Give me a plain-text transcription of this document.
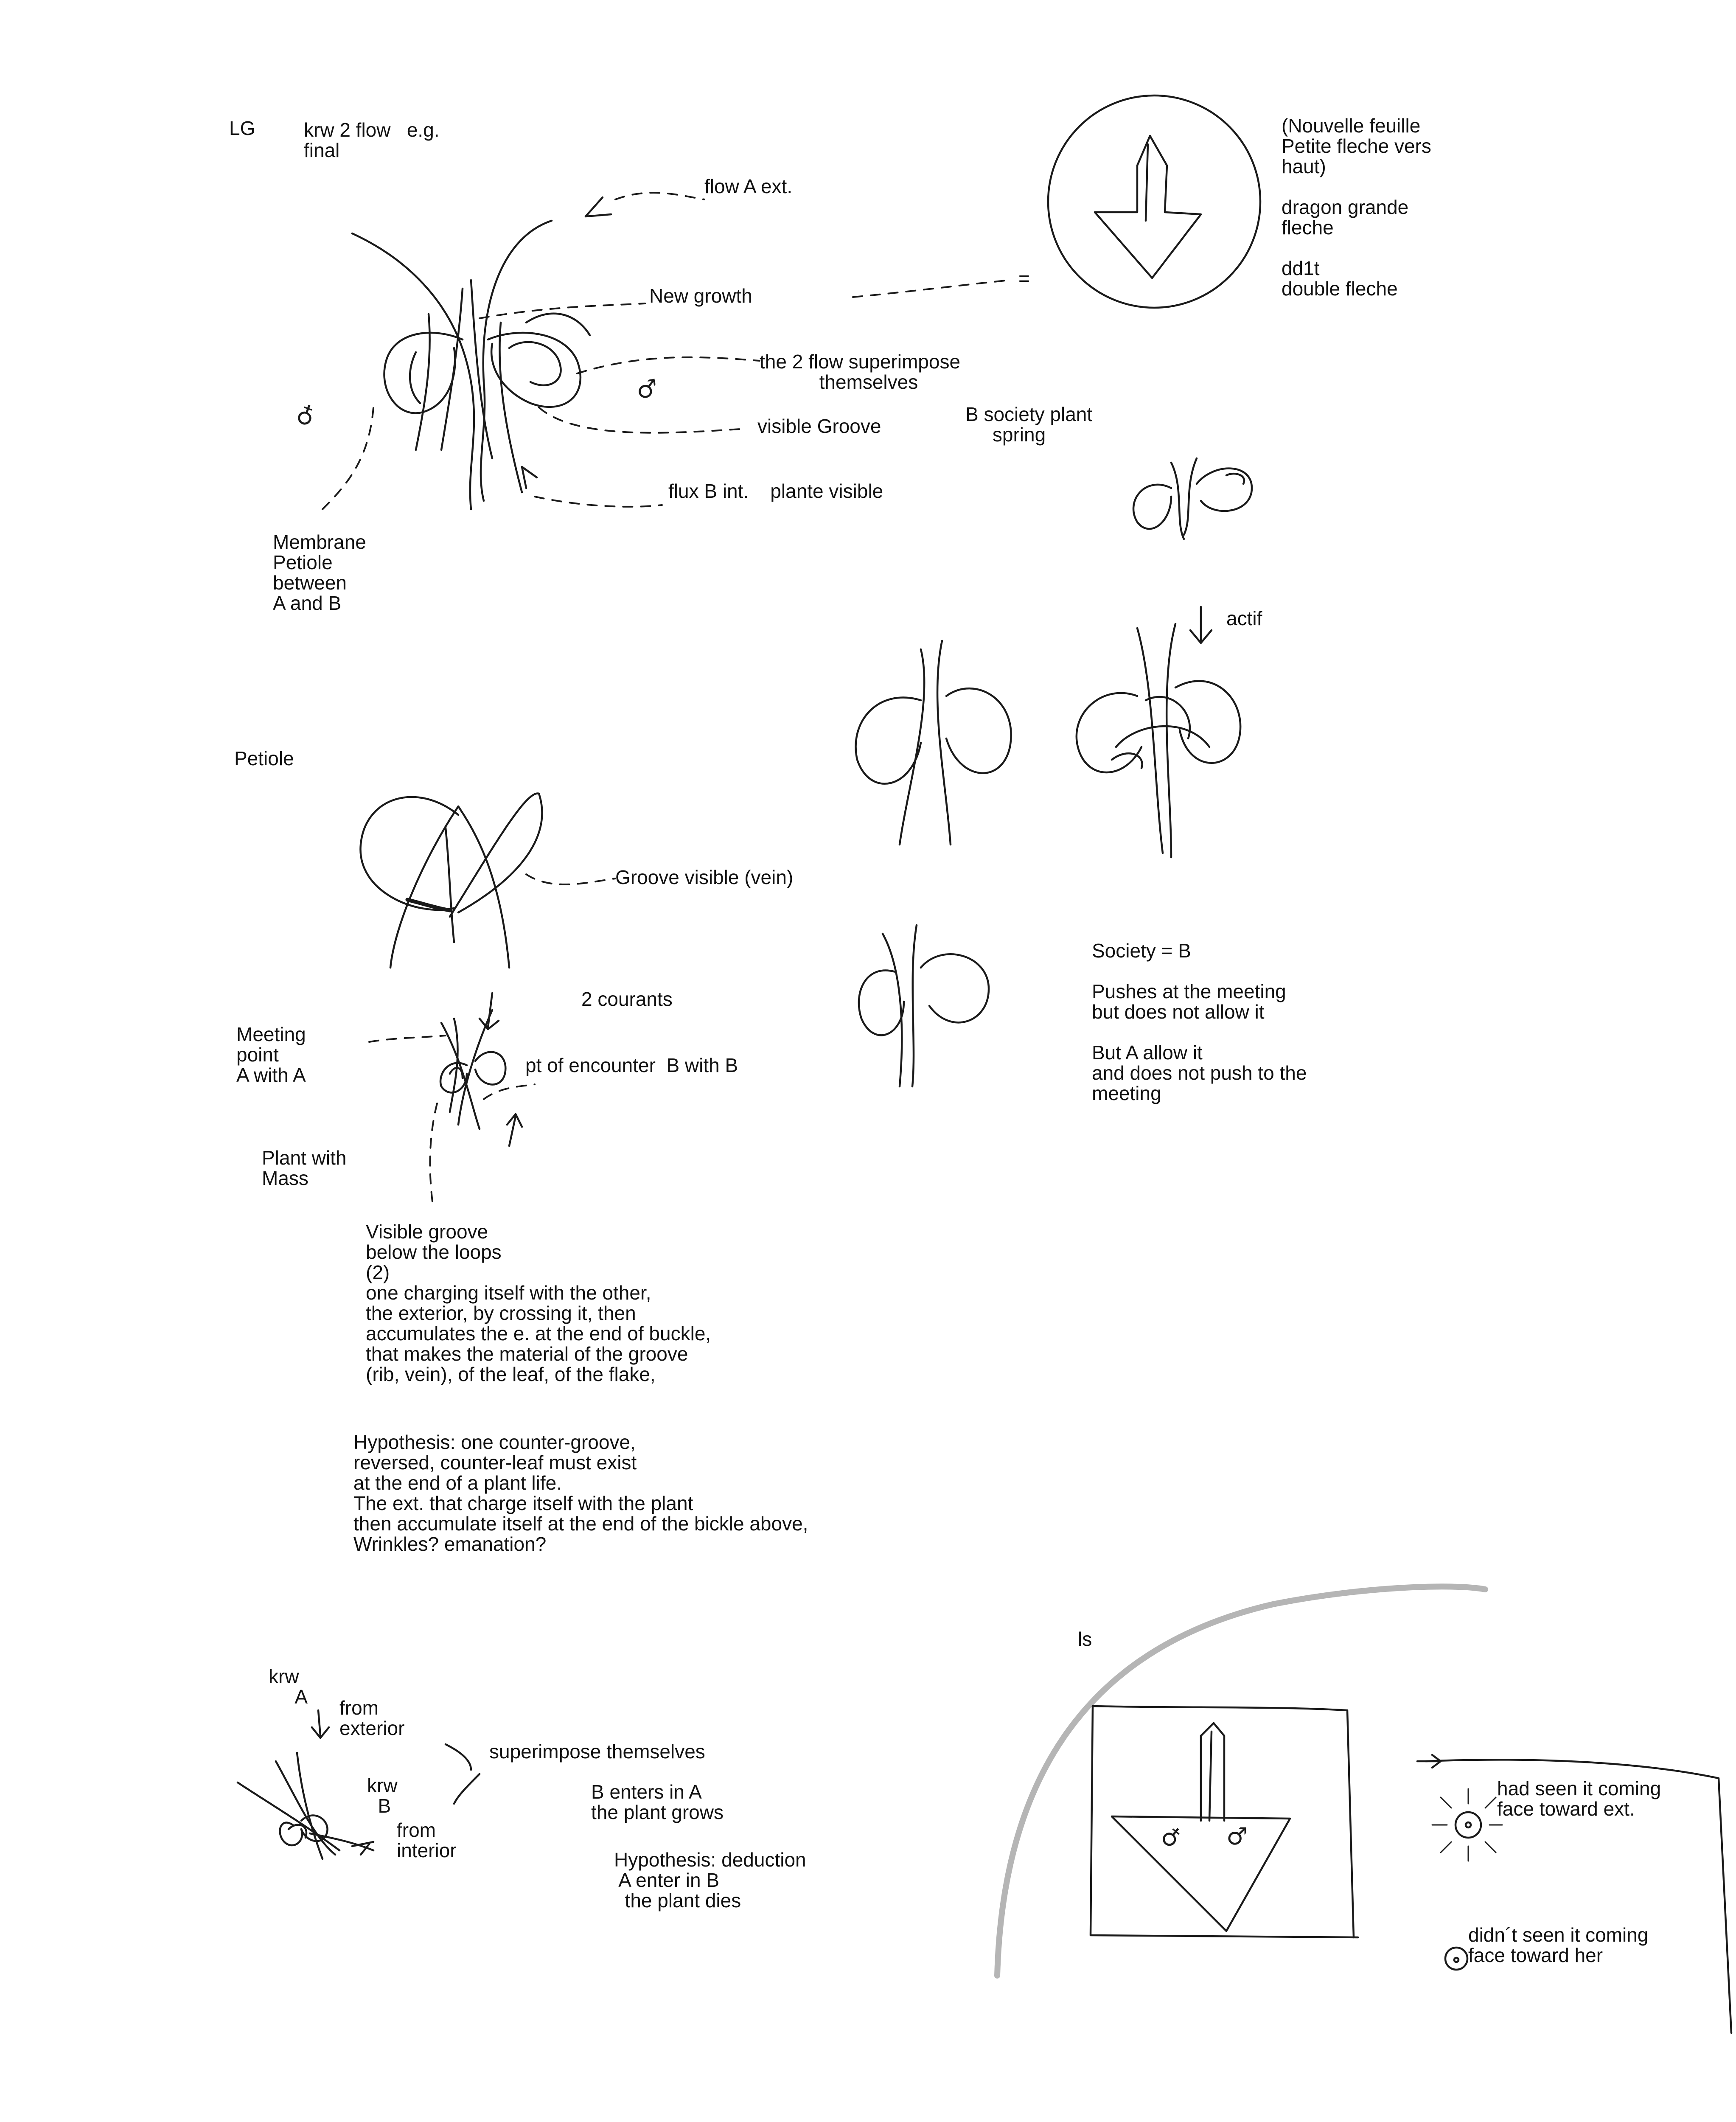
LG krw 2 flow   e.g.
final

flow A ext.

New growth

the 2 flow superimpose
themselves

visible Groove

flux B int.    plante visible

Membrane
Petiole
between
A and B

(Nouvelle feuille
Petite fleche vers
haut)

dragon grande
fleche

dd1t
double fleche

=

B society plant
spring

actif

Petiole

Groove visible (vein)

2 courants

Meeting
point
A with A	pt of encounter  B with B

Plant with
Mass

Visible groove
below the loops
(2)
one charging itself with the other,
the exterior, by crossing it, then
accumulates the e. at the end of buckle,
that makes the material of the groove
(rib, vein), of the leaf, of the flake,

Hypothesis: one counter-groove,
reversed, counter-leaf must exist
at the end of a plant life.
The ext. that charge itself with the plant
then accumulate itself at the end of the bickle above,
Wrinkles? emanation?

Society = B

Pushes at the meeting
but does not allow it

But A allow it
and does not push to the
meeting

krw
A from
exterior

superimpose themselves

krw
B

from
interior

B enters in A
the plant grows

Hypothesis: deduction
A enter in B
the plant dies

ls

had seen it coming
face toward ext.

didn´t seen it coming
face toward her

♂
♀
♂
♀
